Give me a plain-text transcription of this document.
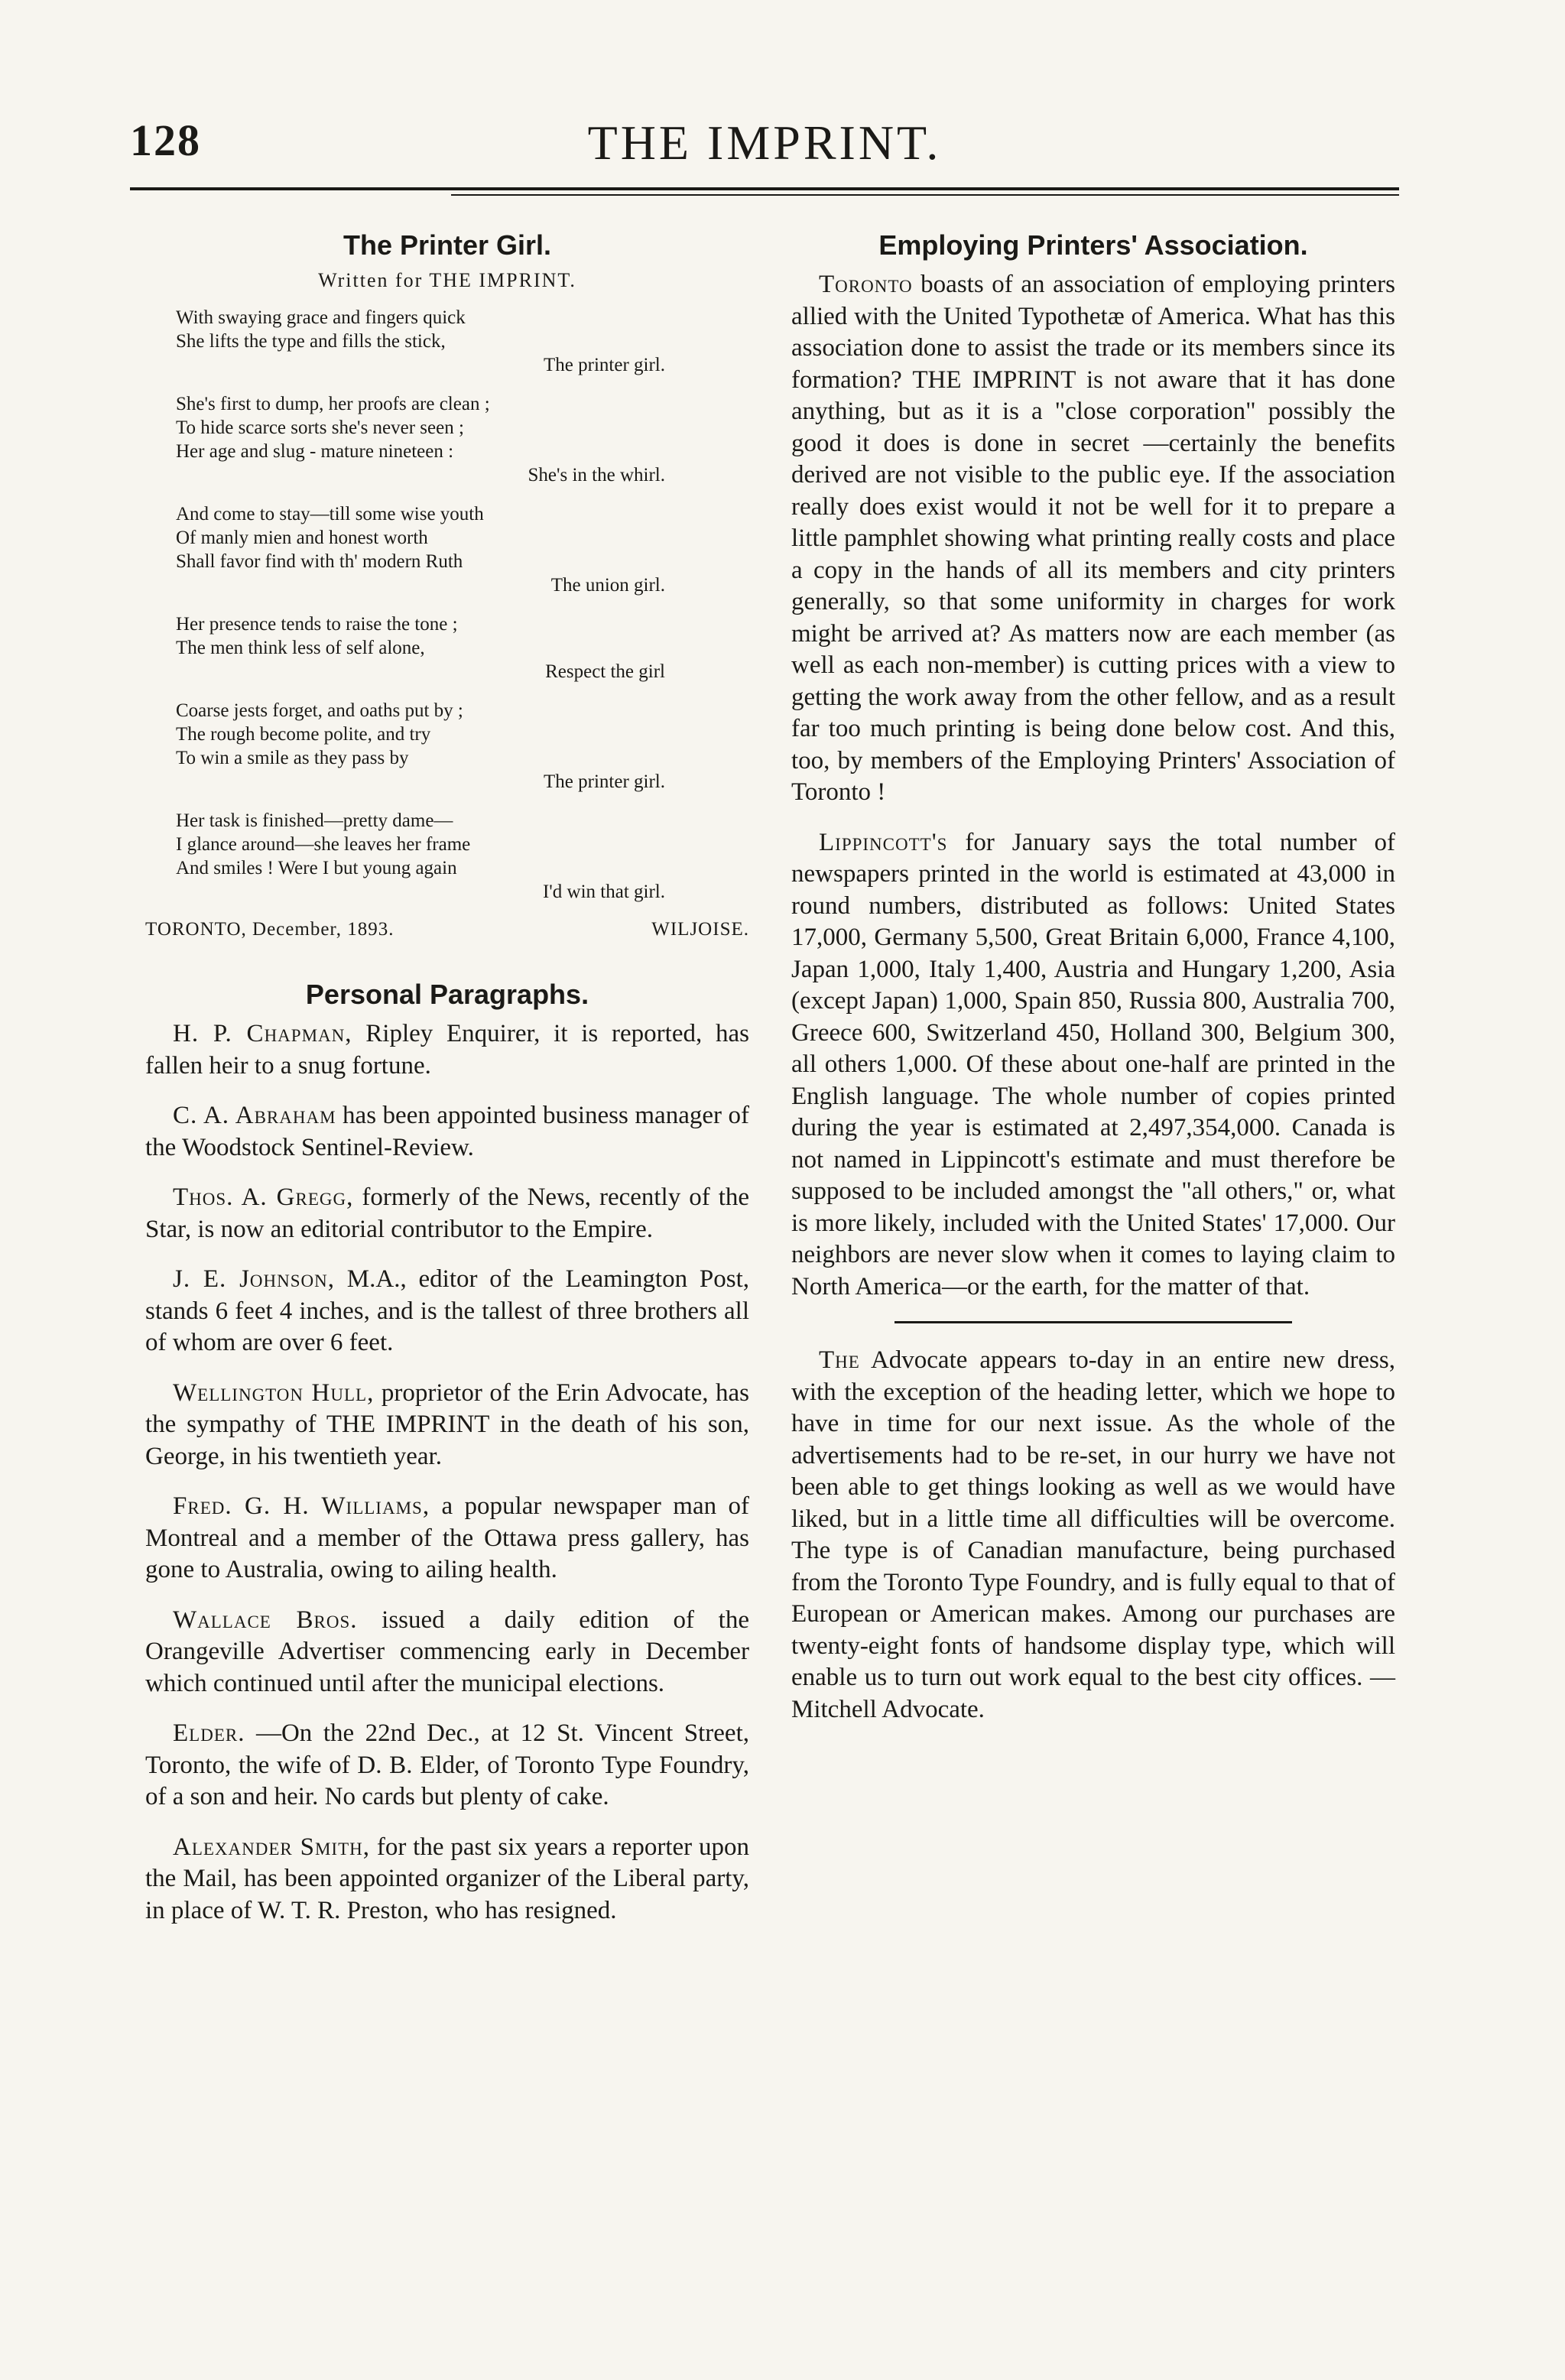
128	THE IMPRINT.
The Printer Girl.
Written for THE IMPRINT.
With swaying grace and fingers quick
She lifts the type and fills the stick,
The printer girl.
She's first to dump, her proofs are clean ;
To hide scarce sorts she's never seen ;
Her age and slug - mature nineteen :
She's in the whirl.
And come to stay—till some wise youth
Of manly mien and honest worth
Shall favor find with th' modern Ruth
The union girl.
Her presence tends to raise the tone ;
The men think less of self alone,
Respect the girl
Coarse jests forget, and oaths put by ;
The rough become polite, and try
To win a smile as they pass by
The printer girl.
Her task is finished—pretty dame—
I glance around—she leaves her frame
And smiles ! Were I but young again
I'd win that girl.
TORONTO, December, 1893.	WILJOISE.
Personal Paragraphs.

H. P. Chapman, Ripley Enquirer, it is reported, has fallen heir to a snug fortune.

C. A. Abraham has been appointed business manager of the Woodstock Sentinel-Review.

Thos. A. Gregg, formerly of the News, recently of the Star, is now an editorial contributor to the Empire.

J. E. Johnson, M.A., editor of the Leamington Post, stands 6 feet 4 inches, and is the tallest of three brothers all of whom are over 6 feet.

Wellington Hull, proprietor of the Erin Advocate, has the sympathy of THE IMPRINT in the death of his son, George, in his twentieth year.

Fred. G. H. Williams, a popular newspaper man of Montreal and a member of the Ottawa press gallery, has gone to Australia, owing to ailing health.

Wallace Bros. issued a daily edition of the Orangeville Advertiser commencing early in December which continued until after the municipal elections.

Elder. —On the 22nd Dec., at 12 St. Vincent Street, Toronto, the wife of D. B. Elder, of Toronto Type Foundry, of a son and heir. No cards but plenty of cake.

Alexander Smith, for the past six years a reporter upon the Mail, has been appointed organizer of the Liberal party, in place of W. T. R. Preston, who has resigned.

Employing Printers' Association.

Toronto boasts of an association of employing printers allied with the United Typothetæ of America. What has this association done to assist the trade or its members since its formation? THE IMPRINT is not aware that it has done anything, but as it is a "close corporation" possibly the good it does is done in secret —certainly the benefits derived are not visible to the public eye. If the association really does exist would it not be well for it to prepare a little pamphlet showing what printing really costs and place a copy in the hands of all its members and city printers generally, so that some uniformity in charges for work might be arrived at? As matters now are each member (as well as each non-member) is cutting prices with a view to getting the work away from the other fellow, and as a result far too much printing is being done below cost. And this, too, by members of the Employing Printers' Association of Toronto !

Lippincott's for January says the total number of newspapers printed in the world is estimated at 43,000 in round numbers, distributed as follows: United States 17,000, Germany 5,500, Great Britain 6,000, France 4,100, Japan 1,000, Italy 1,400, Austria and Hungary 1,200, Asia (except Japan) 1,000, Spain 850, Russia 800, Australia 700, Greece 600, Switzerland 450, Holland 300, Belgium 300, all others 1,000. Of these about one-half are printed in the English language. The whole number of copies printed during the year is estimated at 2,497,354,000. Canada is not named in Lippincott's estimate and must therefore be supposed to be included amongst the "all others," or, what is more likely, included with the United States' 17,000. Our neighbors are never slow when it comes to laying claim to North America—or the earth, for the matter of that.

The Advocate appears to-day in an entire new dress, with the exception of the heading letter, which we hope to have in time for our next issue. As the whole of the advertisements had to be re-set, in our hurry we have not been able to get things looking as well as we would have liked, but in a little time all difficulties will be overcome. The type is of Canadian manufacture, being purchased from the Toronto Type Foundry, and is fully equal to that of European or American makes. Among our purchases are twenty-eight fonts of handsome display type, which will enable us to turn out work equal to the best city offices. —Mitchell Advocate.
